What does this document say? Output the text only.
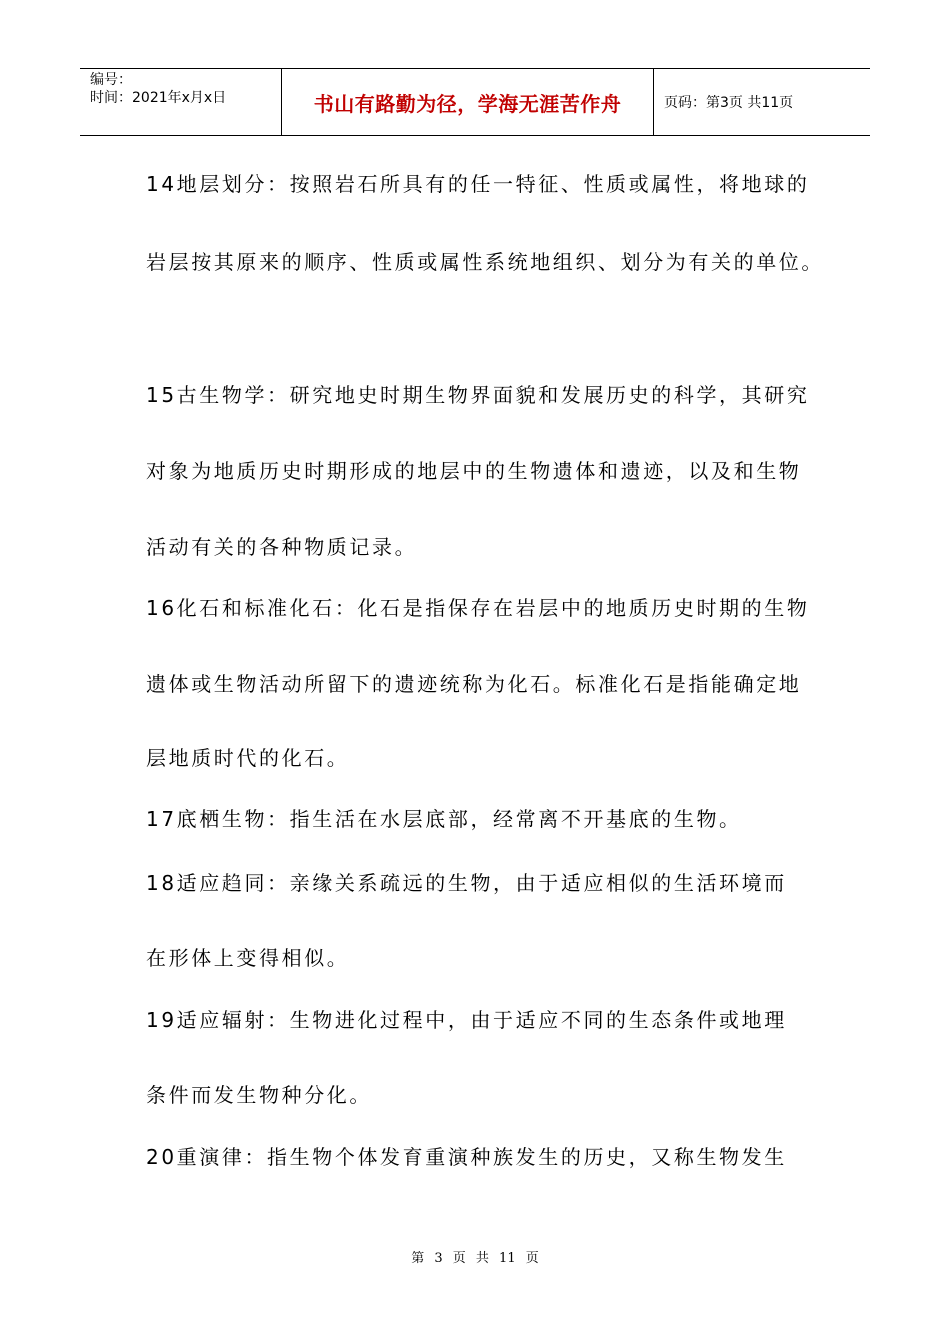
编号：
时间：2021年x月x日	书山有路勤为径，学海无涯苦作舟	页码：第3页 共11页
14地层划分：按照岩石所具有的任一特征、性质或属性，将地球的
岩层按其原来的顺序、性质或属性系统地组织、划分为有关的单位。
15古生物学：研究地史时期生物界面貌和发展历史的科学，其研究
对象为地质历史时期形成的地层中的生物遗体和遗迹，以及和生物
活动有关的各种物质记录。
16化石和标准化石：化石是指保存在岩层中的地质历史时期的生物
遗体或生物活动所留下的遗迹统称为化石。标准化石是指能确定地
层地质时代的化石。
17底栖生物：指生活在水层底部，经常离不开基底的生物。
18适应趋同：亲缘关系疏远的生物，由于适应相似的生活环境而
在形体上变得相似。
19适应辐射：生物进化过程中，由于适应不同的生态条件或地理
条件而发生物种分化。
20重演律：指生物个体发育重演种族发生的历史，又称生物发生
第 3 页 共 11 页
